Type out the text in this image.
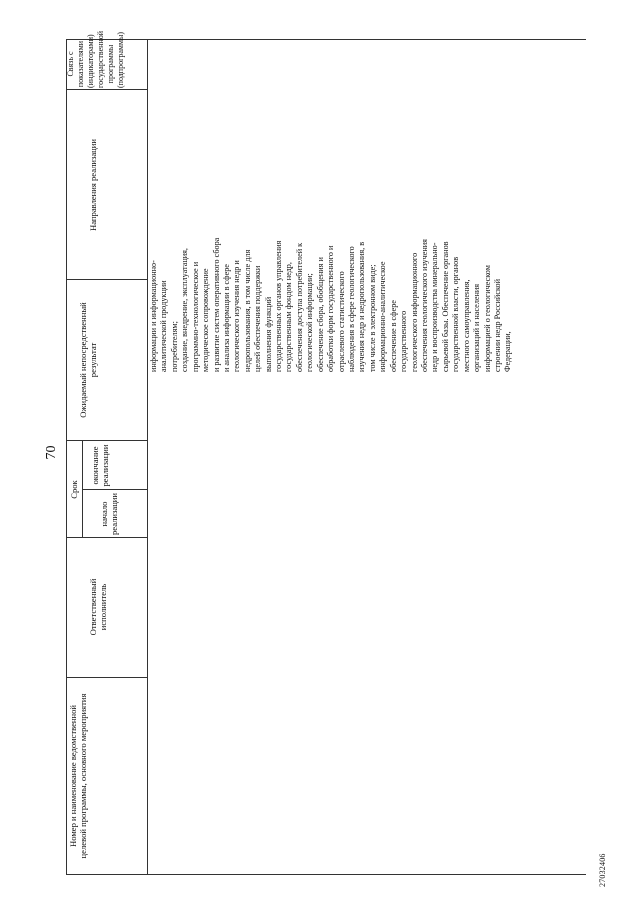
70
27032406
Номер и наименование ведомственной целевой программы, основного мероприятия
Ответственный исполнитель
Срок
начало реализации
окончание реализации
Ожидаемый непосредственный результат
Направления реализации
Связь с показателями (индикаторами) государственной программы (подпрограммы)
информации и информационно-
аналитической продукции
потребителям;
создание, внедрение, эксплуатация,
программно-технологическое и
методическое сопровождение
и развитие систем оперативного сбора
и анализа информации в сфере
геологического изучения недр и
недропользования, в том числе для
целей обеспечения поддержки
выполнения функций
государственных органов управления
государственным фондом недр,
обеспечения доступа потребителей к
геологической информации;
обеспечение сбора, обобщения и
обработки форм государственного и
отраслевого статистического
наблюдения в сфере геологического
изучения недр и недропользования, в
том числе в электронном виде;
информационно-аналитическое
обеспечение в сфере государственного
геологического информационного
обеспечения геологического изучения
недр и воспроизводства минерально-
сырьевой базы. Обеспечение органов
государственной власти, органов
местного самоуправления,
организаций и населения
информацией о геологическом
строении недр Российской Федерации,
